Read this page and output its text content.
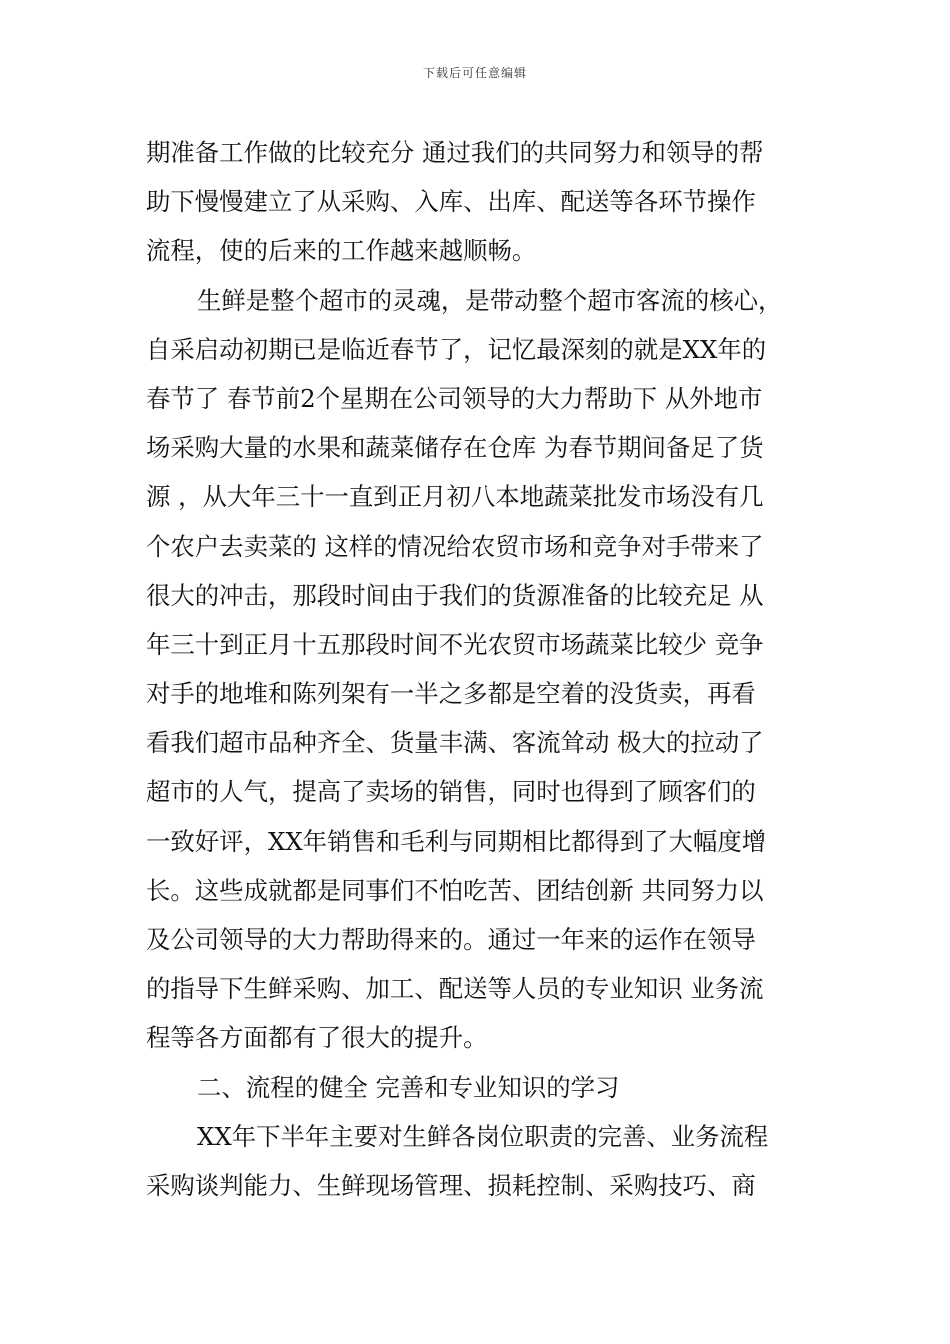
下载后可任意编辑
期准备工作做的比较充分 通过我们的共同努力和领导的帮
助下慢慢建立了从采购、入库、出库、配送等各环节操作
流程，使的后来的工作越来越顺畅。
生鲜是整个超市的灵魂，是带动整个超市客流的核心，
自采启动初期已是临近春节了，记忆最深刻的就是XX年的
春节了 春节前2个星期在公司领导的大力帮助下 从外地市
场采购大量的水果和蔬菜储存在仓库 为春节期间备足了货
源 ，从大年三十一直到正月初八本地蔬菜批发市场没有几
个农户去卖菜的 这样的情况给农贸市场和竞争对手带来了
很大的冲击，那段时间由于我们的货源准备的比较充足 从
年三十到正月十五那段时间不光农贸市场蔬菜比较少 竞争
对手的地堆和陈列架有一半之多都是空着的没货卖，再看
看我们超市品种齐全、货量丰满、客流耸动 极大的拉动了
超市的人气，提高了卖场的销售，同时也得到了顾客们的
一致好评，XX年销售和毛利与同期相比都得到了大幅度增
长。这些成就都是同事们不怕吃苦、团结创新 共同努力以
及公司领导的大力帮助得来的。通过一年来的运作在领导
的指导下生鲜采购、加工、配送等人员的专业知识 业务流
程等各方面都有了很大的提升。
二、流程的健全 完善和专业知识的学习
XX年下半年主要对生鲜各岗位职责的完善、业务流程
采购谈判能力、生鲜现场管理、损耗控制、采购技巧、商
